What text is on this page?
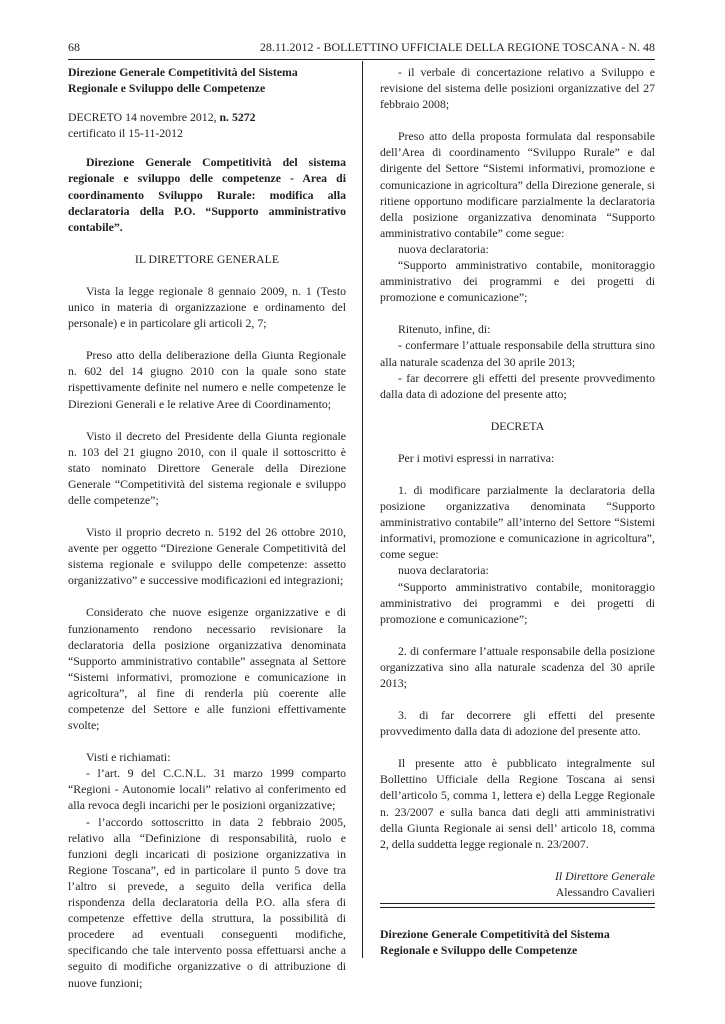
68	28.11.2012 - BOLLETTINO UFFICIALE DELLA REGIONE TOSCANA - N. 48

Direzione Generale Competitività del Sistema

Regionale e Sviluppo delle Competenze

DECRETO 14 novembre 2012, n. 5272

certificato il 15-11-2012

Direzione Generale Competitività del sistema regionale e sviluppo delle competenze - Area di coordinamento Sviluppo Rurale: modifica alla declaratoria della P.O. “Supporto amministrativo contabile”.

IL DIRETTORE GENERALE

Vista la legge regionale 8 gennaio 2009, n. 1 (Testo unico in materia di organizzazione e ordinamento del personale) e in particolare gli articoli 2, 7;

Preso atto della deliberazione della Giunta Regionale n. 602 del 14 giugno 2010 con la quale sono state rispettivamente definite nel numero e nelle competenze le Direzioni Generali e le relative Aree di Coordinamento;

Visto il decreto del Presidente della Giunta regionale n. 103 del 21 giugno 2010, con il quale il sottoscritto è stato nominato Direttore Generale della Direzione Generale “Competitività del sistema regionale e sviluppo delle competenze”;

Visto il proprio decreto n. 5192 del 26 ottobre 2010, avente per oggetto “Direzione Generale Competitività del sistema regionale e sviluppo delle competenze: assetto organizzativo” e successive modificazioni ed integrazioni;

Considerato che nuove esigenze organizzative e di funzionamento rendono necessario revisionare la declaratoria della posizione organizzativa denominata “Supporto amministrativo contabile” assegnata al Settore “Sistemi informativi, promozione e comunicazione in agricoltura”, al fine di renderla più coerente alle competenze del Settore e alle funzioni effettivamente svolte;

Visti e richiamati:

- l’art. 9 del C.C.N.L. 31 marzo 1999 comparto “Regioni - Autonomie locali” relativo al conferimento ed alla revoca degli incarichi per le posizioni organizzative;

- l’accordo sottoscritto in data 2 febbraio 2005, relativo alla “Definizione di responsabilità, ruolo e funzioni degli incaricati di posizione organizzativa in Regione Toscana”, ed in particolare il punto 5 dove tra l’altro si prevede, a seguito della verifica della rispondenza della declaratoria della P.O. alla sfera di competenze effettive della struttura, la possibilità di procedere ad eventuali conseguenti modifiche, specificando che tale intervento possa effettuarsi anche a seguito di modifiche organizzative o di attribuzione di nuove funzioni;

- il verbale di concertazione relativo a Sviluppo e revisione del sistema delle posizioni organizzative del 27 febbraio 2008;

Preso atto della proposta formulata dal responsabile dell’Area di coordinamento “Sviluppo Rurale” e dal dirigente del Settore “Sistemi informativi, promozione e comunicazione in agricoltura” della Direzione generale, si ritiene opportuno modificare parzialmente la declaratoria della posizione organizzativa denominata “Supporto amministrativo contabile” come segue:

nuova declaratoria:

“Supporto amministrativo contabile, monitoraggio amministrativo dei programmi e dei progetti di promozione e comunicazione”;

Ritenuto, infine, di:

- confermare l’attuale responsabile della struttura sino alla naturale scadenza del 30 aprile 2013;

- far decorrere gli effetti del presente provvedimento dalla data di adozione del presente atto;

DECRETA

Per i motivi espressi in narrativa:

1. di modificare parzialmente la declaratoria della posizione organizzativa denominata “Supporto amministrativo contabile” all’interno del Settore “Sistemi informativi, promozione e comunicazione in agricoltura”, come segue:

nuova declaratoria:

“Supporto amministrativo contabile, monitoraggio amministrativo dei programmi e dei progetti di promozione e comunicazione”;

2. di confermare l’attuale responsabile della posizione organizzativa sino alla naturale scadenza del 30 aprile 2013;

3. di far decorrere gli effetti del presente provvedimento dalla data di adozione del presente atto.

Il presente atto è pubblicato integralmente sul Bollettino Ufficiale della Regione Toscana ai sensi dell’articolo 5, comma 1, lettera e) della Legge Regionale n. 23/2007 e sulla banca dati degli atti amministrativi della Giunta Regionale ai sensi dell’ articolo 18, comma 2, della suddetta legge regionale n. 23/2007.

Il Direttore Generale

Alessandro Cavalieri

Direzione Generale Competitività del Sistema

Regionale e Sviluppo delle Competenze
